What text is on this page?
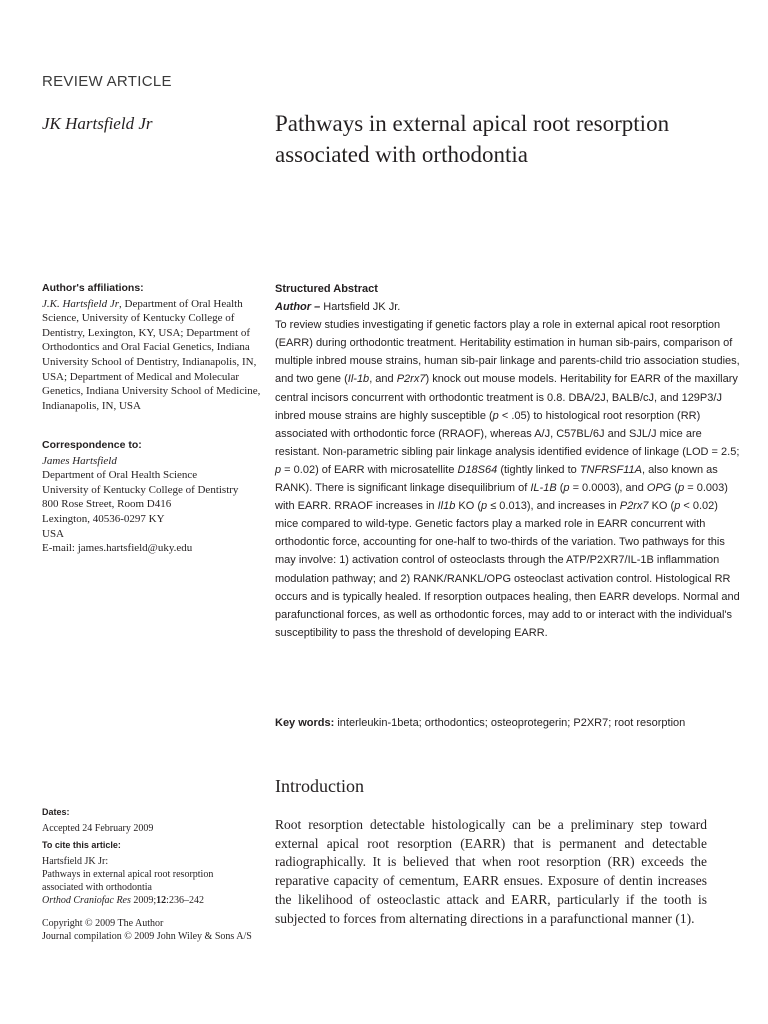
REVIEW ARTICLE
JK Hartsfield Jr	Pathways in external apical root resorption associated with orthodontia
Author's affiliations:
J.K. Hartsfield Jr, Department of Oral Health Science, University of Kentucky College of Dentistry, Lexington, KY, USA; Department of Orthodontics and Oral Facial Genetics, Indiana University School of Dentistry, Indianapolis, IN, USA; Department of Medical and Molecular Genetics, Indiana University School of Medicine, Indianapolis, IN, USA
Correspondence to:
James Hartsfield
Department of Oral Health Science
University of Kentucky College of Dentistry
800 Rose Street, Room D416
Lexington, 40536-0297 KY
USA
E-mail: james.hartsfield@uky.edu
Dates:
Accepted 24 February 2009
To cite this article:
Hartsfield JK Jr:
Pathways in external apical root resorption
associated with orthodontia
Orthod Craniofac Res 2009;12:236–242
Copyright © 2009 The Author
Journal compilation © 2009 John Wiley & Sons A/S
Structured Abstract
Author – Hartsfield JK Jr.

To review studies investigating if genetic factors play a role in external apical root resorption (EARR) during orthodontic treatment. Heritability estimation in human sib-pairs, comparison of multiple inbred mouse strains, human sib-pair linkage and parents-child trio association studies, and two gene (Il-1b, and P2rx7) knock out mouse models. Heritability for EARR of the maxillary central incisors concurrent with orthodontic treatment is 0.8. DBA/2J, BALB/cJ, and 129P3/J inbred mouse strains are highly susceptible (p < .05) to histological root resorption (RR) associated with orthodontic force (RRAOF), whereas A/J, C57BL/6J and SJL/J mice are resistant. Non-parametric sibling pair linkage analysis identified evidence of linkage (LOD = 2.5; p = 0.02) of EARR with microsatellite D18S64 (tightly linked to TNFRSF11A, also known as RANK). There is significant linkage disequilibrium of IL-1B (p = 0.0003), and OPG (p = 0.003) with EARR. RRAOF increases in Il1b KO (p ≤ 0.013), and increases in P2rx7 KO (p < 0.02) mice compared to wild-type. Genetic factors play a marked role in EARR concurrent with orthodontic force, accounting for one-half to two-thirds of the variation. Two pathways for this may involve: 1) activation control of osteoclasts through the ATP/P2XR7/IL-1B inflammation modulation pathway; and 2) RANK/RANKL/OPG osteoclast activation control. Histological RR occurs and is typically healed. If resorption outpaces healing, then EARR develops. Normal and parafunctional forces, as well as orthodontic forces, may add to or interact with the individual's susceptibility to pass the threshold of developing EARR.

Key words: interleukin-1beta; orthodontics; osteoprotegerin; P2XR7; root resorption
Introduction

Root resorption detectable histologically can be a preliminary step toward external apical root resorption (EARR) that is permanent and detectable radiographically. It is believed that when root resorption (RR) exceeds the reparative capacity of cementum, EARR ensues. Exposure of dentin increases the likelihood of osteoclastic attack and EARR, particularly if the tooth is subjected to forces from alternating directions in a parafunctional manner (1).
